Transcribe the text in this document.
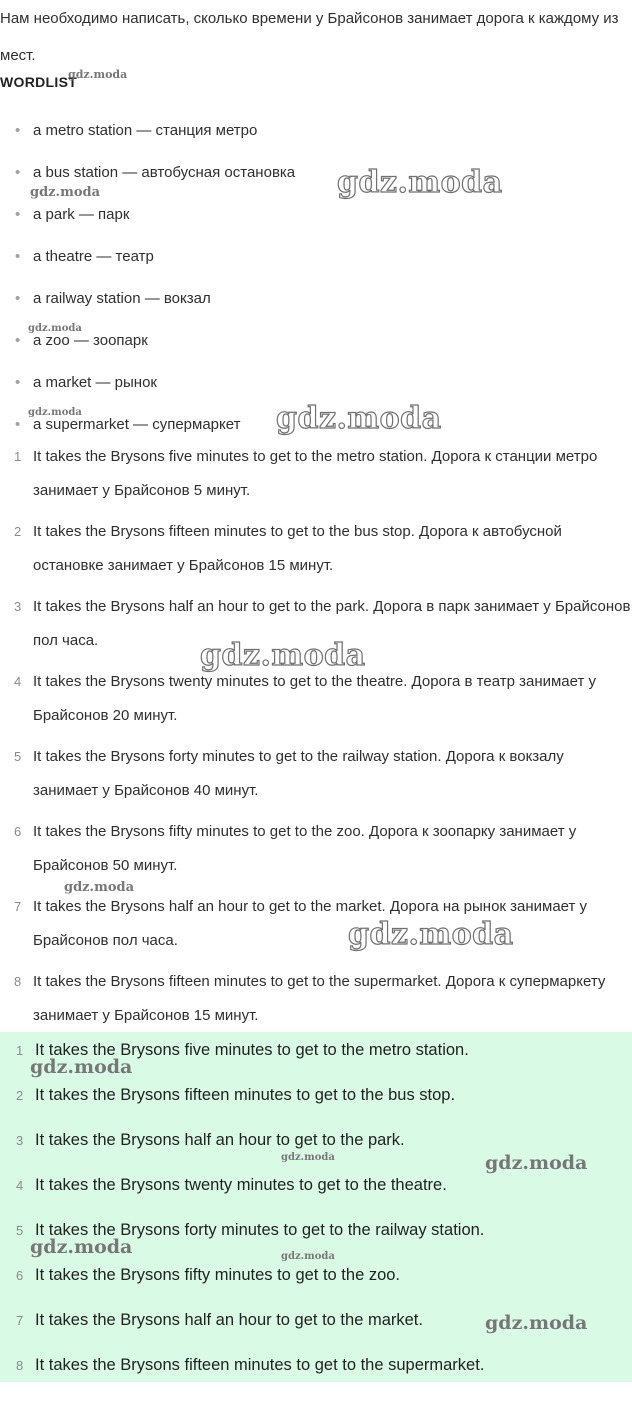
Нам необходимо написать, сколько времени у Брайсонов занимает дорога к каждому из мест.

WORDLIST
• a metro station — станция метро
• a bus station — автобусная остановка
• a park — парк
• a theatre — театр
• a railway station — вокзал
• a zoo — зоопарк
• a market — рынок
• a supermarket — супермаркет
1 It takes the Brysons five minutes to get to the metro station. Дорога к станции метро занимает у Брайсонов 5 минут.
2 It takes the Brysons fifteen minutes to get to the bus stop. Дорога к автобусной остановке занимает у Брайсонов 15 минут.
3 It takes the Brysons half an hour to get to the park. Дорога в парк занимает у Брайсонов пол часа.
4 It takes the Brysons twenty minutes to get to the theatre. Дорога в театр занимает у Брайсонов 20 минут.
5 It takes the Brysons forty minutes to get to the railway station. Дорога к вокзалу занимает у Брайсонов 40 минут.
6 It takes the Brysons fifty minutes to get to the zoo. Дорога к зоопарку занимает у Брайсонов 50 минут.
7 It takes the Brysons half an hour to get to the market. Дорога на рынок занимает у Брайсонов пол часа.
8 It takes the Brysons fifteen minutes to get to the supermarket. Дорога к супермаркету занимает у Брайсонов 15 минут.
1 It takes the Brysons five minutes to get to the metro station.
2 It takes the Brysons fifteen minutes to get to the bus stop.
3 It takes the Brysons half an hour to get to the park.
4 It takes the Brysons twenty minutes to get to the theatre.
5 It takes the Brysons forty minutes to get to the railway station.
6 It takes the Brysons fifty minutes to get to the zoo.
7 It takes the Brysons half an hour to get to the market.
8 It takes the Brysons fifteen minutes to get to the supermarket.
gdz.moda
gdz.moda
gdz.moda
gdz.moda
gdz.moda	gdz.moda
gdz.moda
gdz.moda
gdz.moda
gdz.moda
gdz.moda	gdz.moda
gdz.moda	gdz.moda
gdz.moda
